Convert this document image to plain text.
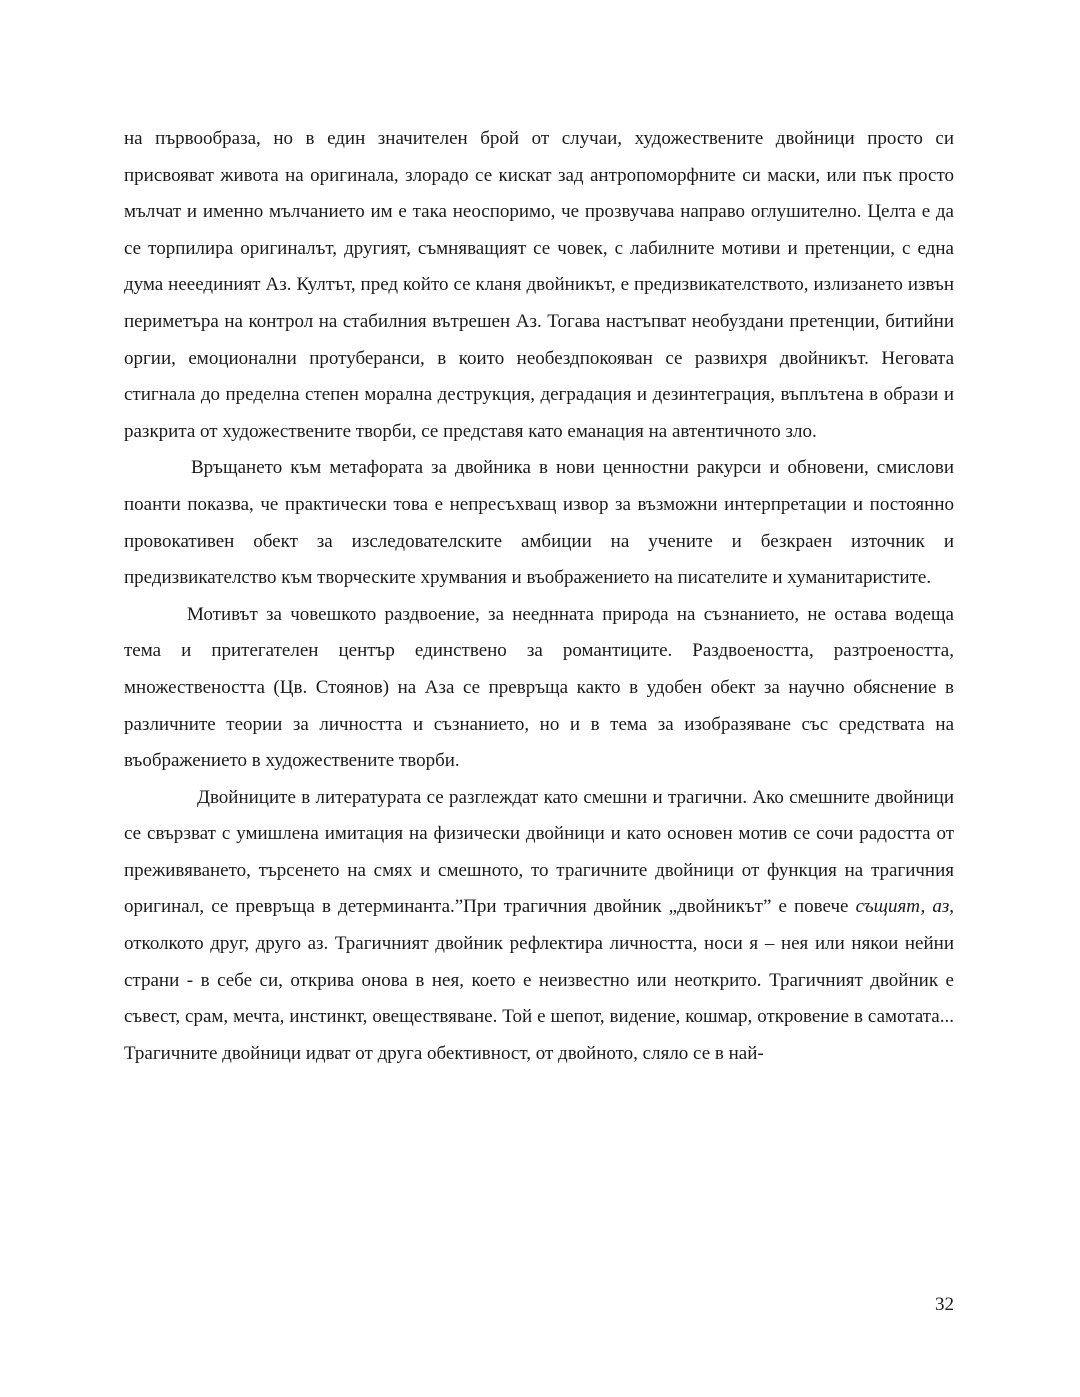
на първообраза, но в един значителен брой от случаи, художествените двойници просто си присвояват живота на оригинала, злорадо се кискат зад антропоморфните си маски, или пък просто мълчат и именно мълчанието им е така неоспоримо, че прозвучава направо оглушително. Целта е да се торпилира оригиналът, другият, съмняващият се човек, с лабилните мотиви и претенции, с една дума нееединият Аз. Култът, пред който се кланя двойникът, е предизвикателството, излизането извън периметъра на контрол на стабилния вътрешен Аз. Тогава настъпват необуздани претенции, битийни оргии, емоционални протуберанси, в които необездпокояван се развихря двойникът. Неговата стигнала до пределна степен морална деструкция, деградация и дезинтеграция, въплътена в образи и разкрита от художествените творби, се представя като еманация на автентичното зло.

Връщането към метафората за двойника в нови ценностни ракурси и обновени, смислови поанти показва, че практически това е непресъхващ извор за възможни интерпретации и постоянно провокативен обект за изследователските амбиции на учените и безкраен източник и предизвикателство към творческите хрумвания и въображението на писателите и хуманитаристите.

Мотивът за човешкото раздвоение, за нееднната природа на съзнанието, не остава водеща тема и притегателен център единствено за романтиците. Раздвоеността, разтроеността, множествеността (Цв. Стоянов) на Аза се превръща както в удобен обект за научно обяснение в различните теории за личността и съзнанието, но и в тема за изобразяване със средствата на въображението в художествените творби.

Двойниците в литературата се разглеждат като смешни и трагични. Ако смешните двойници се свързват с умишлена имитация на физически двойници и като основен мотив се сочи радостта от преживяването, търсенето на смях и смешното, то трагичните двойници от функция на трагичния оригинал, се превръща в детерминанта.”При трагичния двойник „двойникът” е повече същият, аз, отколкото друг, друго аз. Трагичният двойник рефлектира личността, носи я – нея или някои нейни страни - в себе си, открива онова в нея, което е неизвестно или неоткрито. Трагичният двойник е съвест, срам, мечта, инстинкт, овеществяване. Той е шепот, видение, кошмар, откровение в самотата... Трагичните двойници идват от друга обективност, от двойното, сляло се в най-

32
